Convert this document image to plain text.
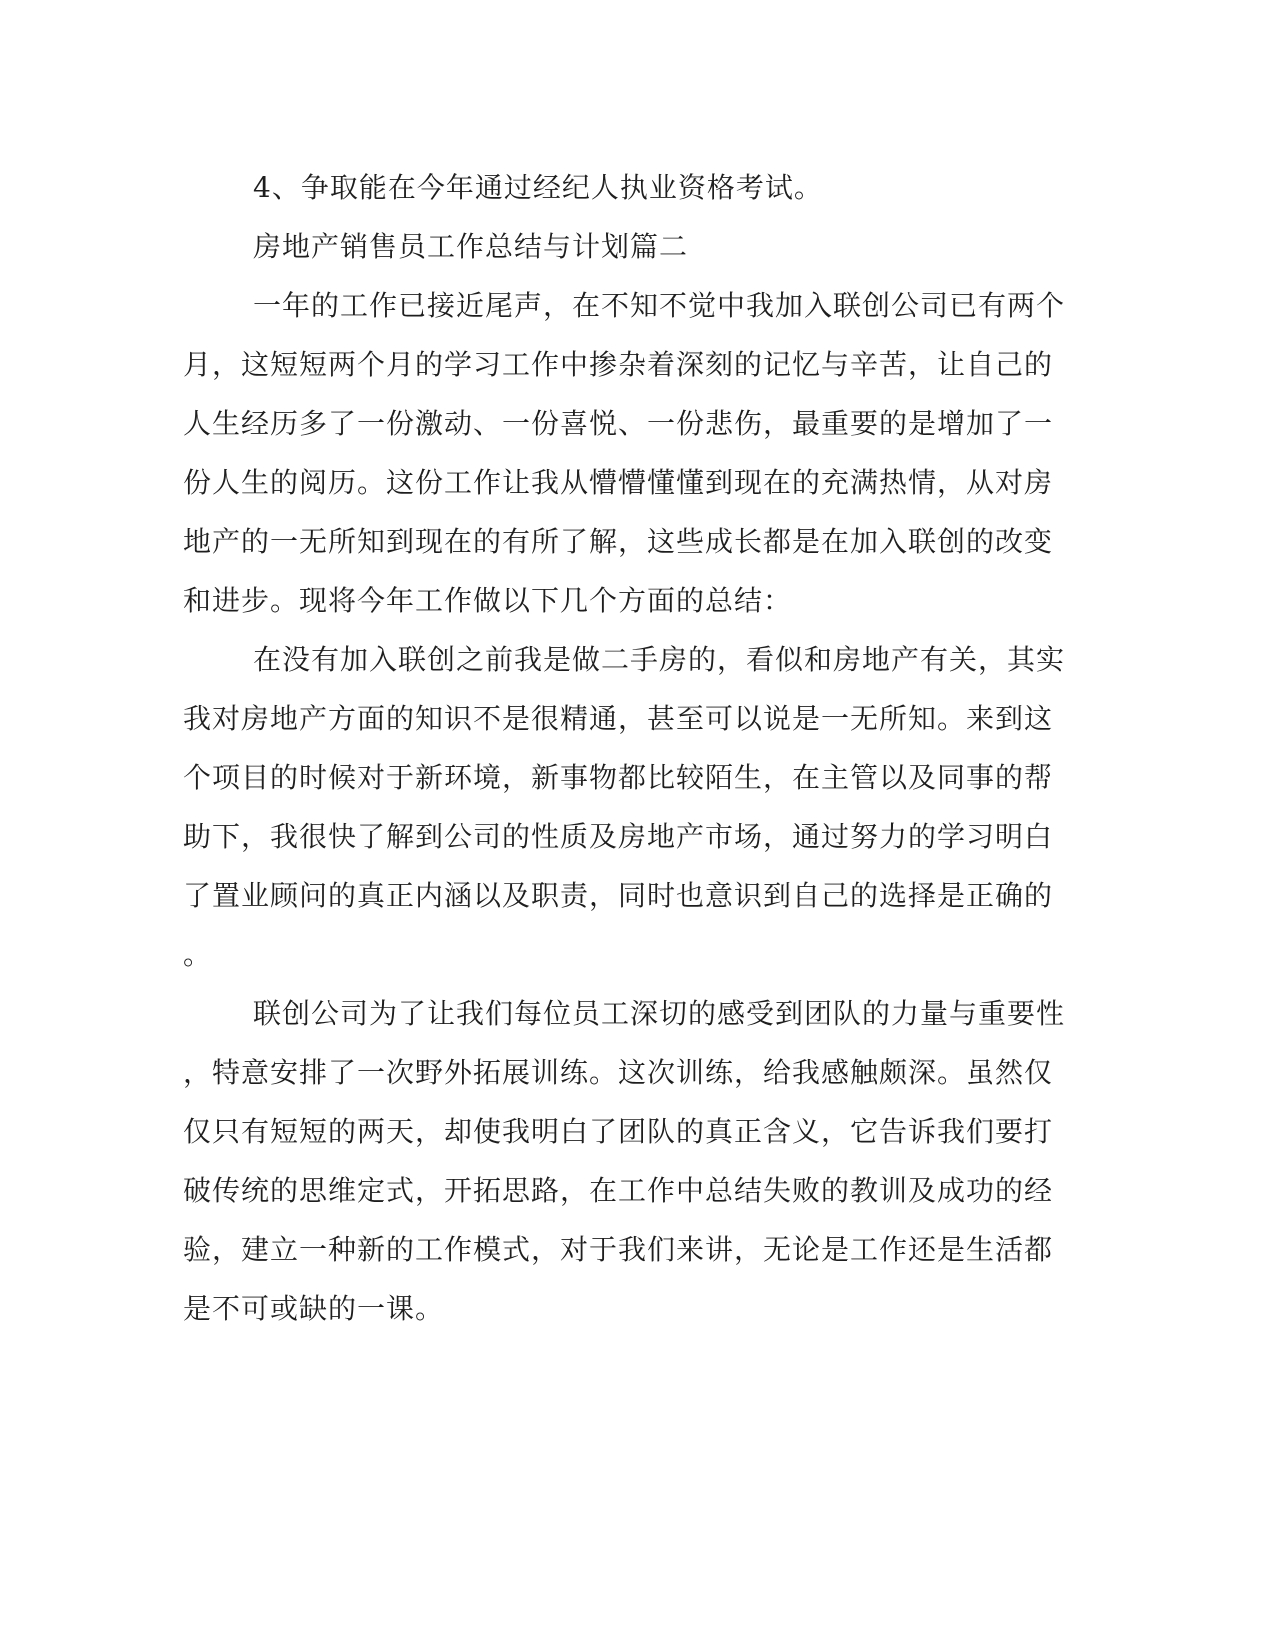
4、争取能在今年通过经纪人执业资格考试。
房地产销售员工作总结与计划篇二
一年的工作已接近尾声，在不知不觉中我加入联创公司已有两个
月，这短短两个月的学习工作中掺杂着深刻的记忆与辛苦，让自己的
人生经历多了一份激动、一份喜悦、一份悲伤，最重要的是增加了一
份人生的阅历。这份工作让我从懵懵懂懂到现在的充满热情，从对房
地产的一无所知到现在的有所了解，这些成长都是在加入联创的改变
和进步。现将今年工作做以下几个方面的总结：
在没有加入联创之前我是做二手房的，看似和房地产有关，其实
我对房地产方面的知识不是很精通，甚至可以说是一无所知。来到这
个项目的时候对于新环境，新事物都比较陌生，在主管以及同事的帮
助下，我很快了解到公司的性质及房地产市场，通过努力的学习明白
了置业顾问的真正内涵以及职责，同时也意识到自己的选择是正确的
。
联创公司为了让我们每位员工深切的感受到团队的力量与重要性
，特意安排了一次野外拓展训练。这次训练，给我感触颇深。虽然仅
仅只有短短的两天，却使我明白了团队的真正含义，它告诉我们要打
破传统的思维定式，开拓思路，在工作中总结失败的教训及成功的经
验，建立一种新的工作模式，对于我们来讲，无论是工作还是生活都
是不可或缺的一课。
